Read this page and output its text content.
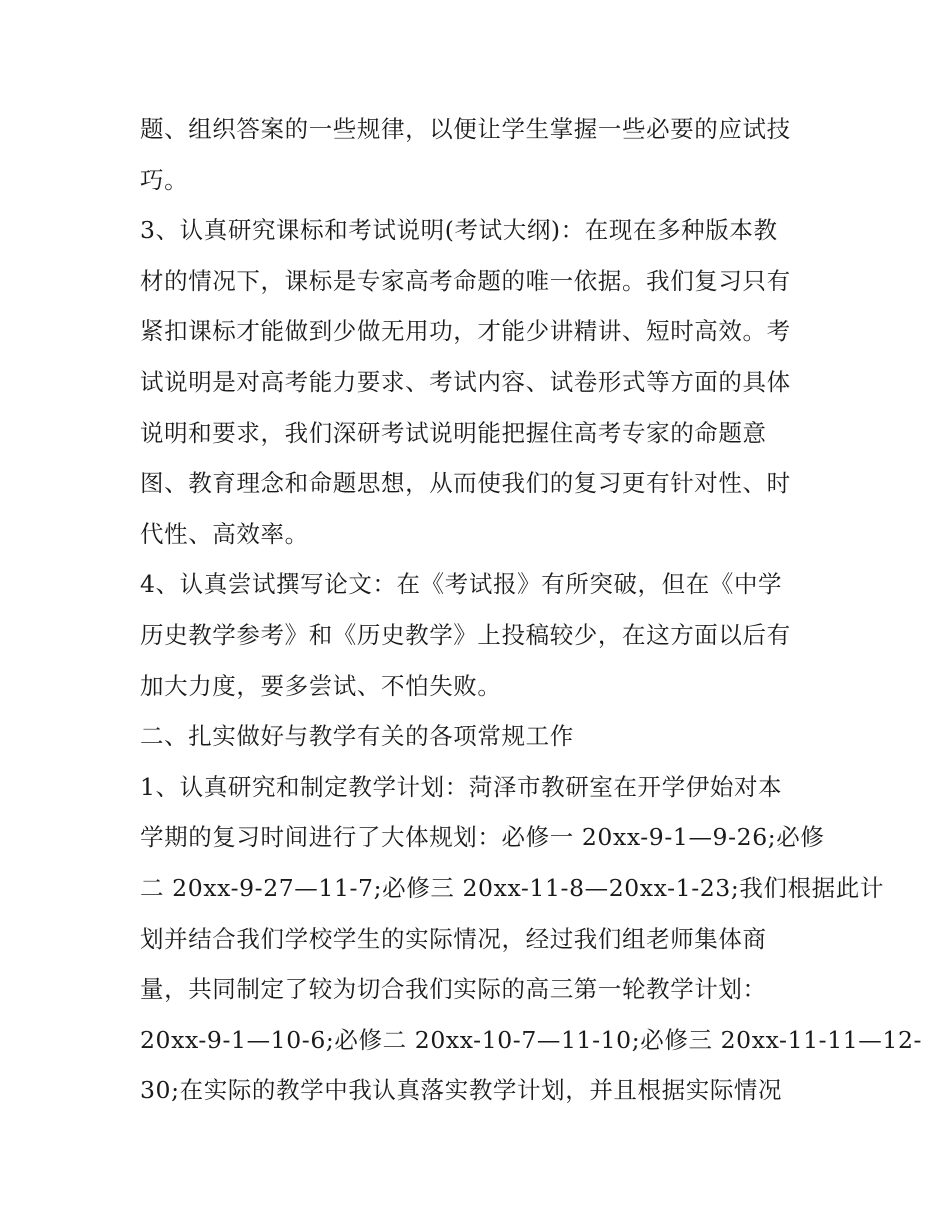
题、组织答案的一些规律，以便让学生掌握一些必要的应试技
巧。
3、认真研究课标和考试说明(考试大纲)：在现在多种版本教
材的情况下，课标是专家高考命题的唯一依据。我们复习只有
紧扣课标才能做到少做无用功，才能少讲精讲、短时高效。考
试说明是对高考能力要求、考试内容、试卷形式等方面的具体
说明和要求，我们深研考试说明能把握住高考专家的命题意
图、教育理念和命题思想，从而使我们的复习更有针对性、时
代性、高效率。
4、认真尝试撰写论文：在《考试报》有所突破，但在《中学
历史教学参考》和《历史教学》上投稿较少，在这方面以后有
加大力度，要多尝试、不怕失败。
二、扎实做好与教学有关的各项常规工作
1、认真研究和制定教学计划：菏泽市教研室在开学伊始对本
学期的复习时间进行了大体规划：必修一 20xx-9-1—9-26;必修
二 20xx-9-27—11-7;必修三 20xx-11-8—20xx-1-23;我们根据此计
划并结合我们学校学生的实际情况，经过我们组老师集体商
量，共同制定了较为切合我们实际的高三第一轮教学计划：
20xx-9-1—10-6;必修二 20xx-10-7—11-10;必修三 20xx-11-11—12-
30;在实际的教学中我认真落实教学计划，并且根据实际情况
